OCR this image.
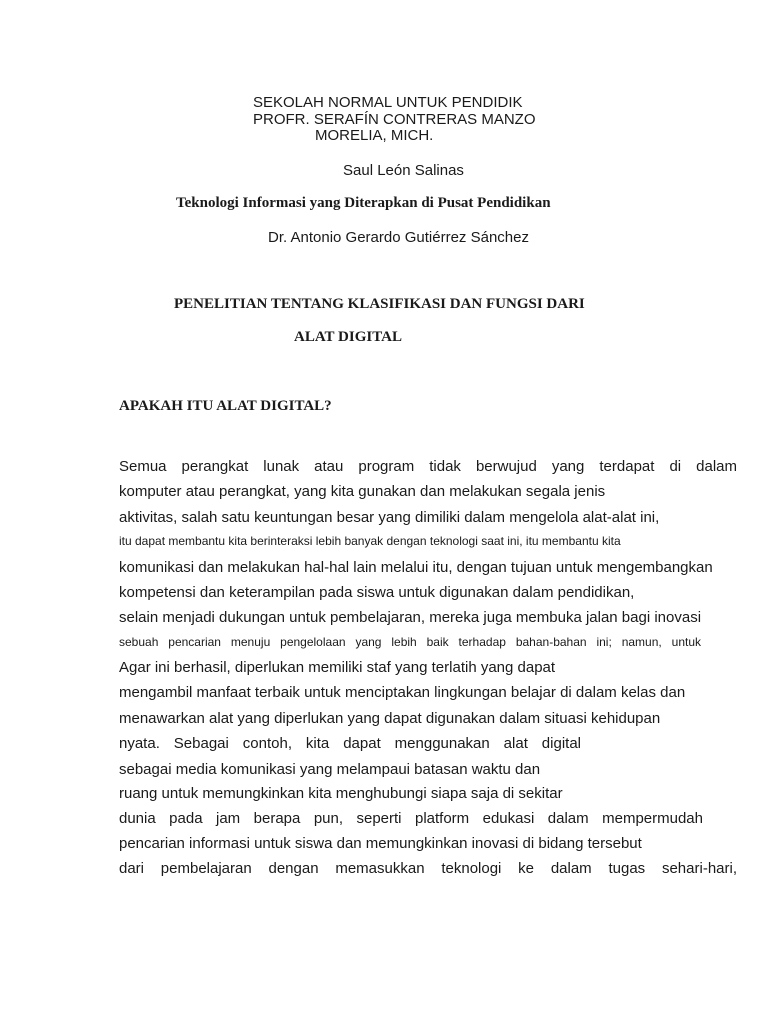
SEKOLAH NORMAL UNTUK PENDIDIK
PROFR. SERAFÍN CONTRERAS MANZO
MORELIA, MICH.
Saul León Salinas
Teknologi Informasi yang Diterapkan di Pusat Pendidikan
Dr. Antonio Gerardo Gutiérrez Sánchez
PENELITIAN TENTANG KLASIFIKASI DAN FUNGSI DARI
ALAT DIGITAL
APAKAH ITU ALAT DIGITAL?
Semua perangkat lunak atau program tidak berwujud yang terdapat di dalam
komputer atau perangkat, yang kita gunakan dan melakukan segala jenis
aktivitas, salah satu keuntungan besar yang dimiliki dalam mengelola alat-alat ini,
itu dapat membantu kita berinteraksi lebih banyak dengan teknologi saat ini, itu membantu kita
komunikasi dan melakukan hal-hal lain melalui itu, dengan tujuan untuk mengembangkan
kompetensi dan keterampilan pada siswa untuk digunakan dalam pendidikan,
selain menjadi dukungan untuk pembelajaran, mereka juga membuka jalan bagi inovasi
sebuah pencarian menuju pengelolaan yang lebih baik terhadap bahan-bahan ini; namun, untuk
Agar ini berhasil, diperlukan memiliki staf yang terlatih yang dapat
mengambil manfaat terbaik untuk menciptakan lingkungan belajar di dalam kelas dan
menawarkan alat yang diperlukan yang dapat digunakan dalam situasi kehidupan
nyata. Sebagai contoh, kita dapat menggunakan alat digital
sebagai media komunikasi yang melampaui batasan waktu dan
ruang untuk memungkinkan kita menghubungi siapa saja di sekitar
dunia pada jam berapa pun, seperti platform edukasi dalam mempermudah
pencarian informasi untuk siswa dan memungkinkan inovasi di bidang tersebut
dari pembelajaran dengan memasukkan teknologi ke dalam tugas sehari-hari,
